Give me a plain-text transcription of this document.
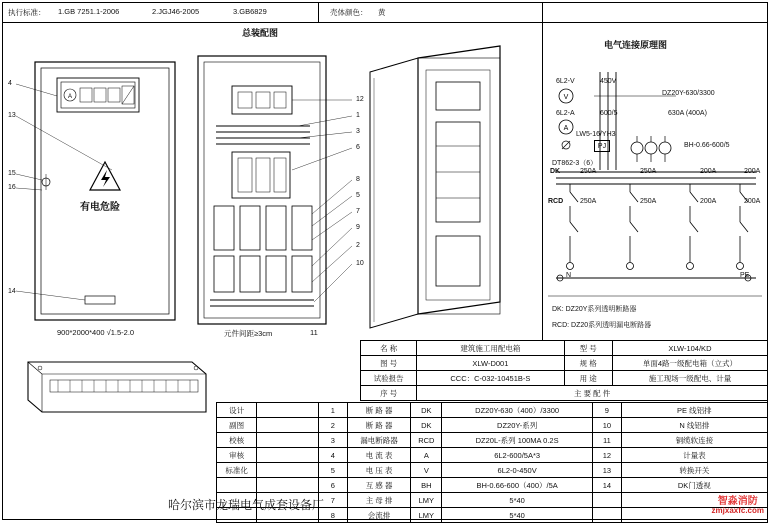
执行标准： 1.GB 7251.1-2006	2.JGJ46-2005	3.GB6829	壳体颜色： 黄
总装配图
4
13
15
16
14
A	V
A
有电危险
900*2000*400 √1.5-2.0	元件间距≥3cm	11
12
1
3
6
8
5
7
9
2
10
电气连接原理图
6L2-V	450V
6L2-A	600/5
LW5-16/YH3
DT862-3（6）
DZ20Y-630/3300
630A (400A)
BH-0.66-600/5
PJ
DK
RCD
250A	250A	200A	200A
250A	250A	200A	200A
N	PE
DK: DZ20Y系列透明断路器
RCD: DZ20系列透明漏电断路器
名 称	建筑施工用配电箱	型 号	XLW-104/KD
图 号	XLW-D001	规 格	单面4路一级配电箱（立式）
试验报告	CCC：C-032-10451B-S	用 途	施工现场一级配电、计量
序 号	主 要 配 件		
设计		1	断 路 器	DK	DZ20Y-630（400）/3300	9	PE 线铝排
副图		2	断 路 器	DK	DZ20Y-系列	10	N 线铝排
校核		3	漏电断路器	RCD	DZ20L-系列 100MA 0.2S	11	铜缆软连接
审核		4	电 流 表	A	6L2-600/5A*3	12	计量表
标准化		5	电 压 表	V	6L2-0-450V	13	转换开关
		6	互 感 器	BH	BH-0.66-600（400）/5A	14	DK门透视
		7	主 母 排	LMY	5*40		
		8	会流排	LMY	5*40		
哈尔滨市龙瑞电气成套设备厂	智淼消防
zmjxaxfc.com
